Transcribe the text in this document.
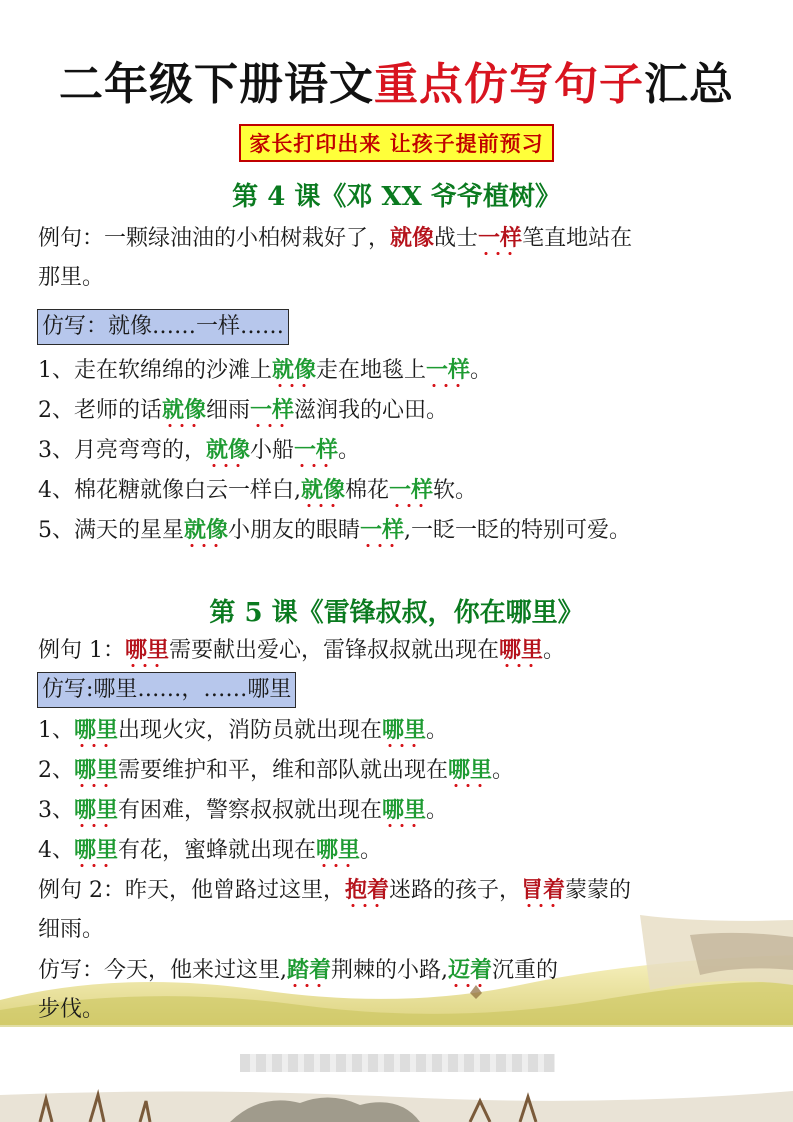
二年级下册语文重点仿写句子汇总
家长打印出来 让孩子提前预习
第 4 课《邓 XX 爷爷植树》
例句：一颗绿油油的小柏树栽好了，就像战士一样笔直地站在
那里。
仿写：就像……一样……
1、走在软绵绵的沙滩上就像走在地毯上一样。
2、老师的话就像细雨一样滋润我的心田。
3、月亮弯弯的，就像小船一样。
4、棉花糖就像白云一样白,就像棉花一样软。
5、满天的星星就像小朋友的眼睛一样,一眨一眨的特别可爱。
第 5 课《雷锋叔叔，你在哪里》
例句 1：哪里需要献出爱心，雷锋叔叔就出现在哪里。
仿写:哪里……，……哪里
1、哪里出现火灾，消防员就出现在哪里。
2、哪里需要维护和平，维和部队就出现在哪里。
3、哪里有困难，警察叔叔就出现在哪里。
4、哪里有花，蜜蜂就出现在哪里。
例句 2：昨天，他曾路过这里，抱着迷路的孩子，冒着蒙蒙的
细雨。
仿写：今天，他来过这里,踏着荆棘的小路,迈着沉重的
步伐。
